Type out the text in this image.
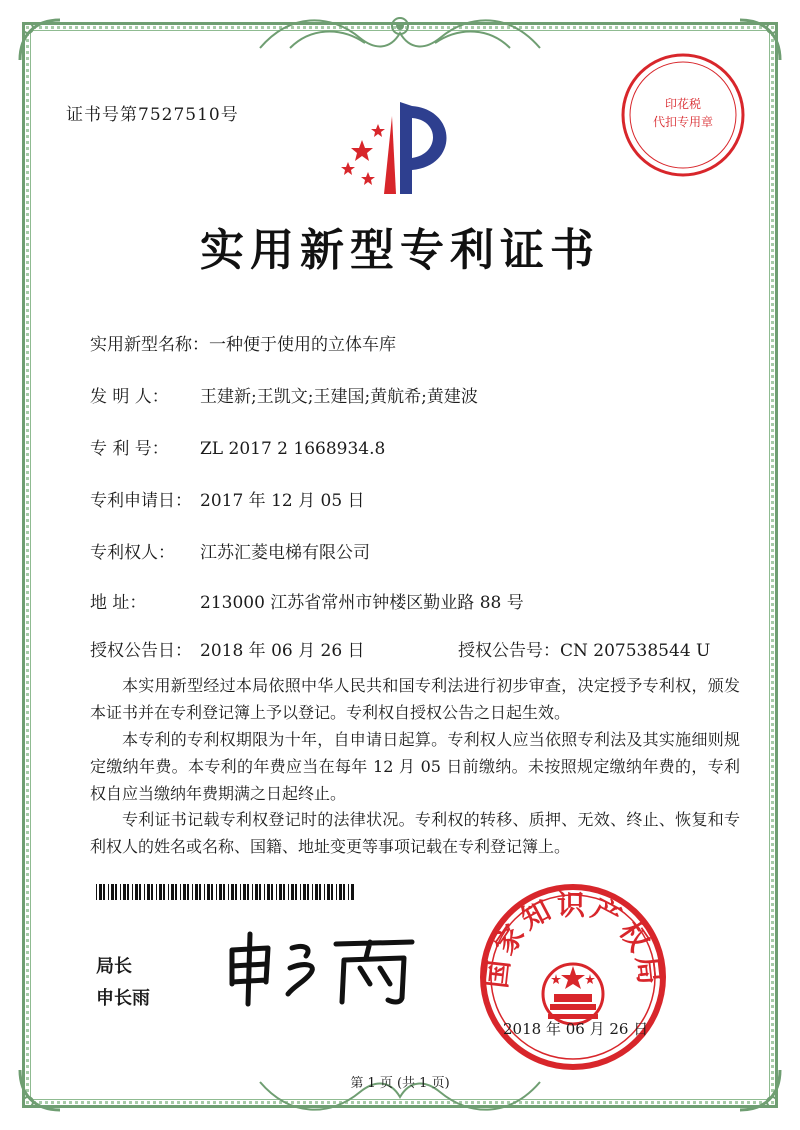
证书号第7527510号
印花税
代扣专用章
实用新型专利证书
实用新型名称：一种便于使用的立体车库
发 明 人： 王建新;王凯文;王建国;黄航希;黄建波
专 利 号： ZL 2017 2 1668934.8
专利申请日： 2017 年 12 月 05 日
专利权人： 江苏汇菱电梯有限公司
地 址：	213000 江苏省常州市钟楼区勤业路 88 号
授权公告日： 2018 年 06 月 26 日	授权公告号：CN 207538544 U
本实用新型经过本局依照中华人民共和国专利法进行初步审查，决定授予专利权，颁发本证书并在专利登记簿上予以登记。专利权自授权公告之日起生效。
本专利的专利权期限为十年，自申请日起算。专利权人应当依照专利法及其实施细则规定缴纳年费。本专利的年费应当在每年 12 月 05 日前缴纳。未按照规定缴纳年费的，专利权自应当缴纳年费期满之日起终止。
专利证书记载专利权登记时的法律状况。专利权的转移、质押、无效、终止、恢复和专利权人的姓名或名称、国籍、地址变更等事项记载在专利登记簿上。
局长
申长雨
国家知识产权局
2018 年 06 月 26 日
第 1 页 (共 1 页)
